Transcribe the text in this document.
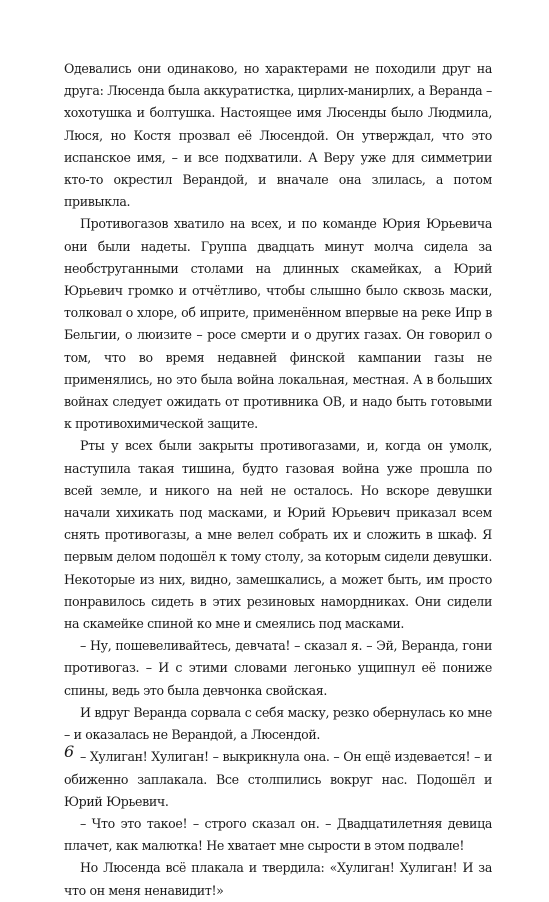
Одевались они одинаково, но характерами не походили друг на друга: Люсенда была аккуратистка, цирлих-манирлих, а Веранда – хохотушка и болтушка. Настоящее имя Люсенды было Людмила, Люся, но Костя прозвал её Люсендой. Он утверждал, что это испанское имя, – и все подхватили. А Веру уже для симметрии кто-то окрестил Верандой, и вначале она злилась, а потом привыкла.

Противогазов хватило на всех, и по команде Юрия Юрьевича они были надеты. Группа двадцать минут молча сидела за необструганными столами на длинных скамейках, а Юрий Юрьевич громко и отчётливо, чтобы слышно было сквозь маски, толковал о хлоре, об иприте, применённом впервые на реке Ипр в Бельгии, о люизите – росе смерти и о других газах. Он говорил о том, что во время недавней финской кампании газы не применялись, но это была война локальная, местная. А в больших войнах следует ожидать от противника ОВ, и надо быть готовыми к противохимической защите.

Рты у всех были закрыты противогазами, и, когда он умолк, наступила такая тишина, будто газовая война уже прошла по всей земле, и никого на ней не осталось. Но вскоре девушки начали хихикать под масками, и Юрий Юрьевич приказал всем снять противогазы, а мне велел собрать их и сложить в шкаф. Я первым делом подошёл к тому столу, за которым сидели девушки. Некоторые из них, видно, замешкались, а может быть, им просто понравилось сидеть в этих резиновых намордниках. Они сидели на скамейке спиной ко мне и смеялись под масками.

– Ну, пошевеливайтесь, девчата! – сказал я. – Эй, Веранда, гони противогаз. – И с этими словами легонько ущипнул её пониже спины, ведь это была девчонка свойская.

И вдруг Веранда сорвала с себя маску, резко обернулась ко мне – и оказалась не Верандой, а Люсендой.

– Хулиган! Хулиган! – выкрикнула она. – Он ещё издевается! – и обиженно заплакала. Все столпились вокруг нас. Подошёл и Юрий Юрьевич.

– Что это такое! – строго сказал он. – Двадцатилетняя девица плачет, как малютка! Не хватает мне сырости в этом подвале!

Но Люсенда всё плакала и твердила: «Хулиган! Хулиган! И за что он меня ненавидит!»

6
